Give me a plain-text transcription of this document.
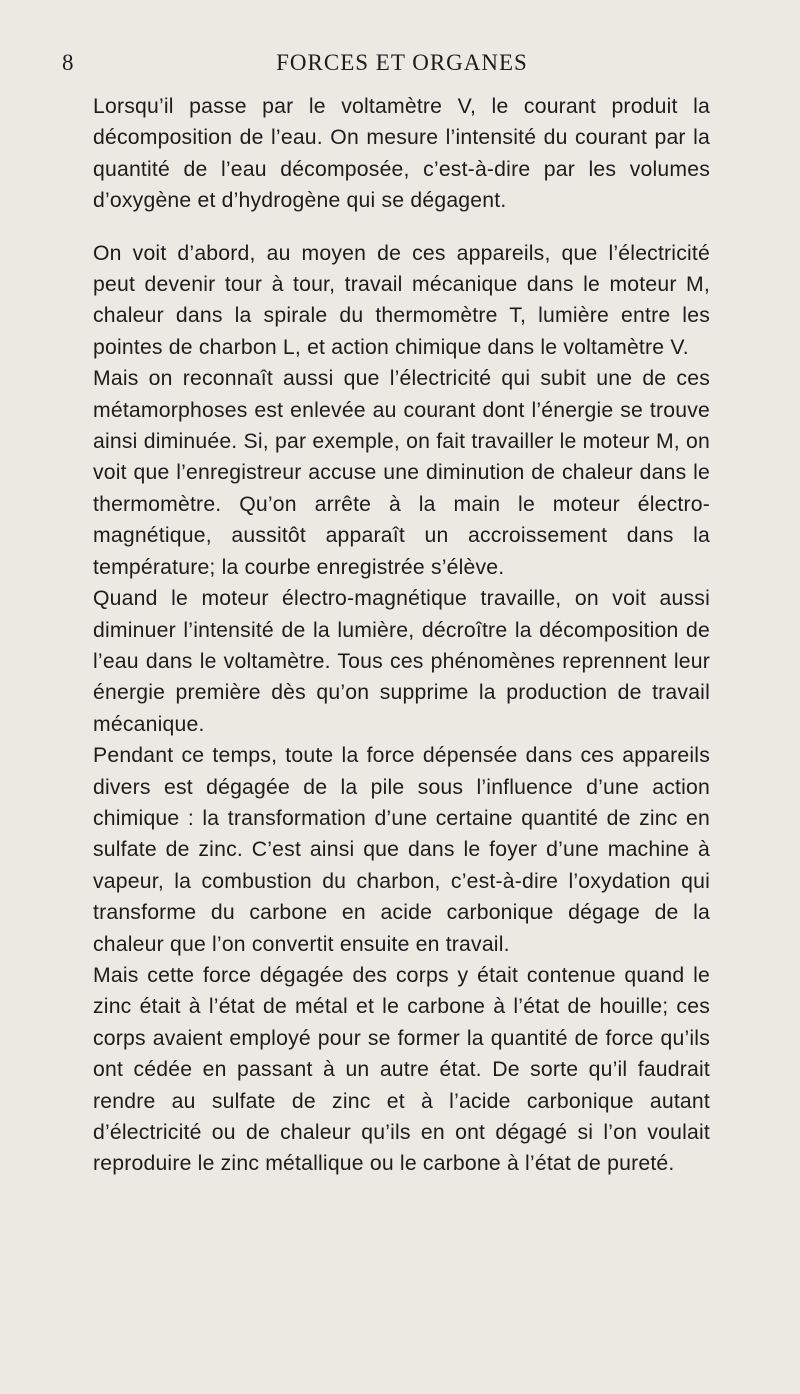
8	FORCES ET ORGANES

Lorsqu’il passe par le voltamètre V, le courant produit la décomposition de l’eau. On mesure l’intensité du courant par la quantité de l’eau décomposée, c’est-à-dire par les volumes d’oxygène et d’hydrogène qui se dégagent.

On voit d’abord, au moyen de ces appareils, que l’électricité peut devenir tour à tour, travail mécanique dans le moteur M, chaleur dans la spirale du thermomètre T, lumière entre les pointes de charbon L, et action chimique dans le voltamètre V.

Mais on reconnaît aussi que l’électricité qui subit une de ces métamorphoses est enlevée au courant dont l’énergie se trouve ainsi diminuée. Si, par exemple, on fait travailler le moteur M, on voit que l’enregistreur accuse une diminution de chaleur dans le thermomètre. Qu’on arrête à la main le moteur électro-magnétique, aussitôt apparaît un accroissement dans la température; la courbe enregistrée s’élève.

Quand le moteur électro-magnétique travaille, on voit aussi diminuer l’intensité de la lumière, décroître la décomposition de l’eau dans le voltamètre. Tous ces phénomènes reprennent leur énergie première dès qu’on supprime la production de travail mécanique.

Pendant ce temps, toute la force dépensée dans ces appareils divers est dégagée de la pile sous l’influence d’une action chimique : la transformation d’une certaine quantité de zinc en sulfate de zinc. C’est ainsi que dans le foyer d’une machine à vapeur, la combustion du charbon, c’est-à-dire l’oxydation qui transforme du carbone en acide carbonique dégage de la chaleur que l’on convertit ensuite en travail.

Mais cette force dégagée des corps y était contenue quand le zinc était à l’état de métal et le carbone à l’état de houille; ces corps avaient employé pour se former la quantité de force qu’ils ont cédée en passant à un autre état. De sorte qu’il faudrait rendre au sulfate de zinc et à l’acide carbonique autant d’électricité ou de chaleur qu’ils en ont dégagé si l’on voulait reproduire le zinc métallique ou le carbone à l’état de pureté.
